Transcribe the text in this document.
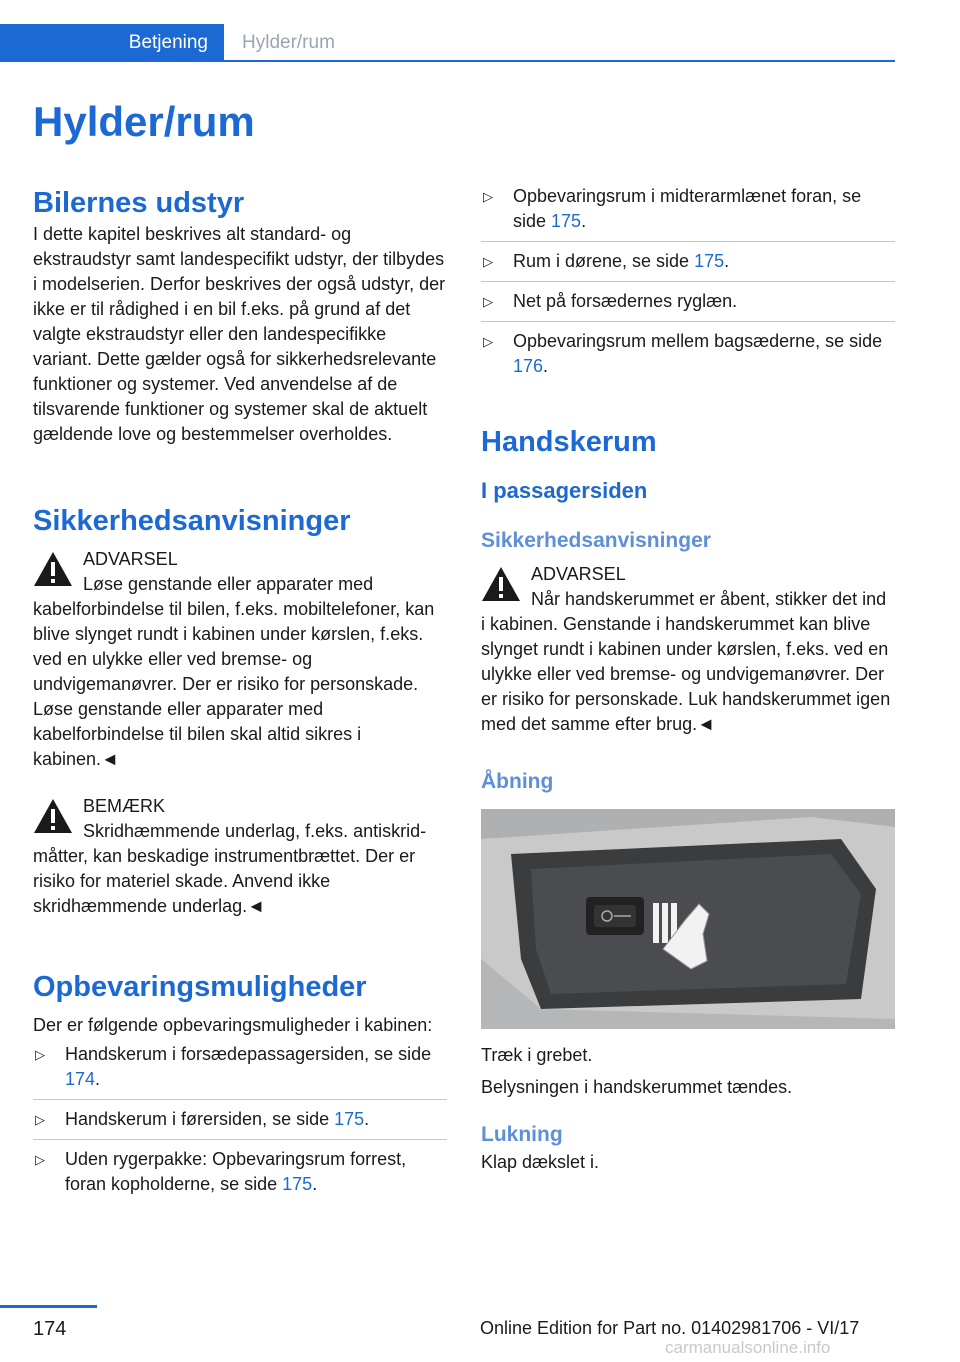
Betjening	Hylder/rum
Hylder/rum
Bilernes udstyr

I dette kapitel beskrives alt standard- og ekstraudstyr samt landespecifikt udstyr, der tilbydes i modelserien. Derfor beskrives der også udstyr, der ikke er til rådighed i en bil f.eks. på grund af det valgte ekstraudstyr eller den landespecifikke variant. Dette gælder også for sikkerhedsrelevante funktioner og systemer. Ved anvendelse af de tilsvarende funktioner og systemer skal de aktuelt gældende love og bestemmelser overholdes.

Sikkerhedsanvisninger

ADVARSEL

Løse genstande eller apparater med kabelforbindelse til bilen, f.eks. mobiltelefoner, kan blive slynget rundt i kabinen under kørslen, f.eks. ved en ulykke eller ved bremse- og undvigemanøvrer. Der er risiko for personskade. Løse genstande eller apparater med kabelforbindelse til bilen skal altid sikres i kabinen.◄

BEMÆRK

Skridhæmmende underlag, f.eks. antiskrid-måtter, kan beskadige instrumentbrættet. Der er risiko for materiel skade. Anvend ikke skridhæmmende underlag.◄

Opbevaringsmuligheder

Der er følgende opbevaringsmuligheder i kabinen:

▷ Handskerum i forsædepassagersiden, se side 174.
▷ Handskerum i førersiden, se side 175.
▷ Uden rygerpakke: Opbevaringsrum forrest, foran kopholderne, se side 175.
▷ Opbevaringsrum i midterarmlænet foran, se side 175.
▷ Rum i dørene, se side 175.
▷ Net på forsædernes ryglæn.
▷ Opbevaringsrum mellem bagsæderne, se side 176.
Handskerum
I passagersiden
Sikkerhedsanvisninger

ADVARSEL

Når handskerummet er åbent, stikker det ind i kabinen. Genstande i handskerummet kan blive slynget rundt i kabinen under kørslen, f.eks. ved en ulykke eller ved bremse- og undvigemanøvrer. Der er risiko for personskade. Luk handskerummet igen med det samme efter brug.◄

Åbning

Træk i grebet.

Belysningen i handskerummet tændes.

Lukning

Klap dækslet i.

174	Online Edition for Part no. 01402981706 - VI/17
carmanualsonline.info
